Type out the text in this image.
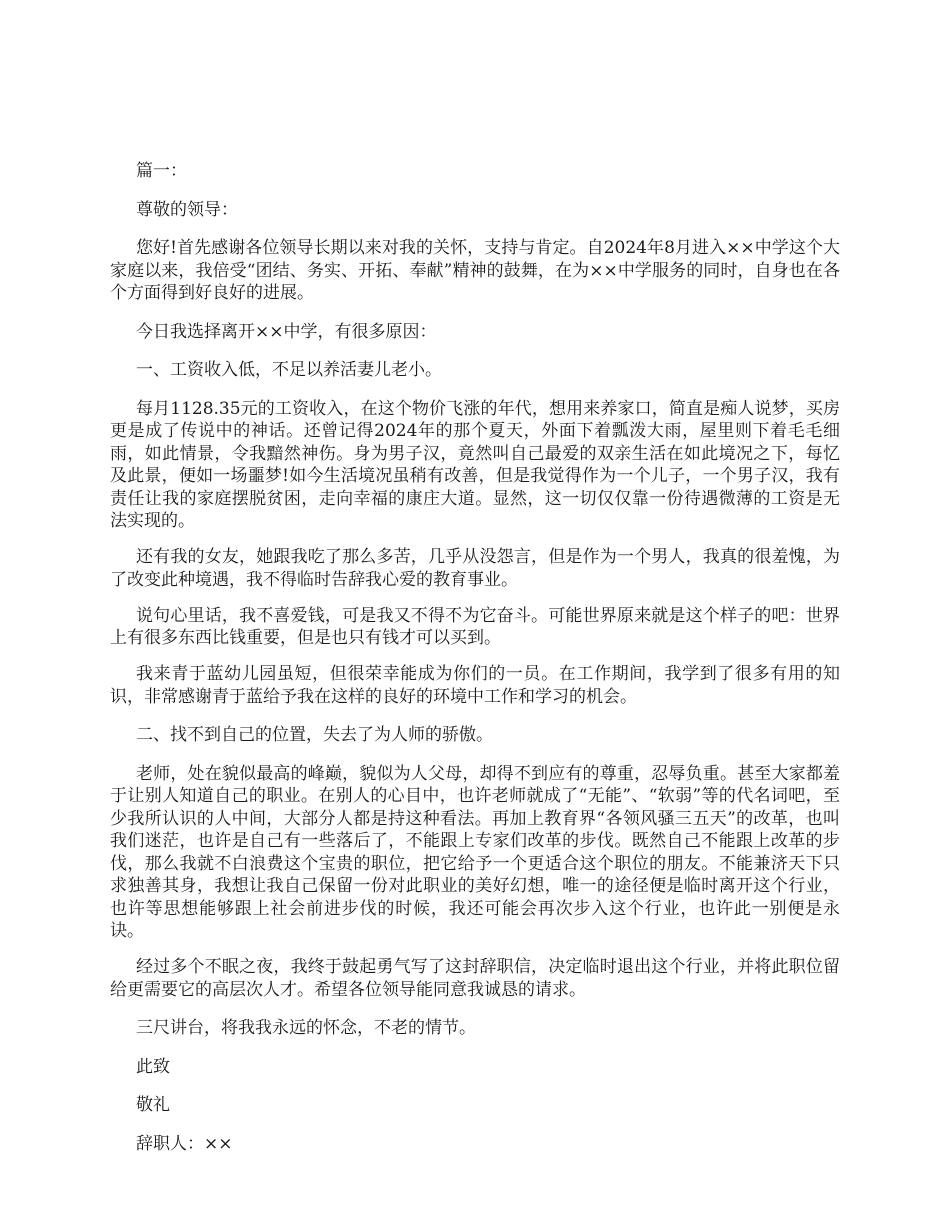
篇一：

尊敬的领导：

您好!首先感谢各位领导长期以来对我的关怀，支持与肯定。自2024年8月进入××中学这个大家庭以来，我倍受“团结、务实、开拓、奉献”精神的鼓舞，在为××中学服务的同时，自身也在各个方面得到好良好的进展。

今日我选择离开××中学，有很多原因：

一、工资收入低，不足以养活妻儿老小。

每月1128.35元的工资收入，在这个物价飞涨的年代，想用来养家口，简直是痴人说梦，买房更是成了传说中的神话。还曾记得2024年的那个夏天，外面下着瓢泼大雨，屋里则下着毛毛细雨，如此情景，令我黯然神伤。身为男子汉，竟然叫自己最爱的双亲生活在如此境况之下，每忆及此景，便如一场噩梦!如今生活境况虽稍有改善，但是我觉得作为一个儿子，一个男子汉，我有责任让我的家庭摆脱贫困，走向幸福的康庄大道。显然，这一切仅仅靠一份待遇微薄的工资是无法实现的。

还有我的女友，她跟我吃了那么多苦，几乎从没怨言，但是作为一个男人，我真的很羞愧，为了改变此种境遇，我不得临时告辞我心爱的教育事业。

说句心里话，我不喜爱钱，可是我又不得不为它奋斗。可能世界原来就是这个样子的吧：世界上有很多东西比钱重要，但是也只有钱才可以买到。

我来青于蓝幼儿园虽短，但很荣幸能成为你们的一员。在工作期间，我学到了很多有用的知识，非常感谢青于蓝给予我在这样的良好的环境中工作和学习的机会。

二、找不到自己的位置，失去了为人师的骄傲。

老师，处在貌似最高的峰巅，貌似为人父母，却得不到应有的尊重，忍辱负重。甚至大家都羞于让别人知道自己的职业。在别人的心目中，也许老师就成了“无能”、“软弱”等的代名词吧，至少我所认识的人中间，大部分人都是持这种看法。再加上教育界“各领风骚三五天”的改革，也叫我们迷茫，也许是自己有一些落后了，不能跟上专家们改革的步伐。既然自己不能跟上改革的步伐，那么我就不白浪费这个宝贵的职位，把它给予一个更适合这个职位的朋友。不能兼济天下只求独善其身，我想让我自己保留一份对此职业的美好幻想，唯一的途径便是临时离开这个行业，也许等思想能够跟上社会前进步伐的时候，我还可能会再次步入这个行业，也许此一别便是永诀。

经过多个不眠之夜，我终于鼓起勇气写了这封辞职信，决定临时退出这个行业，并将此职位留给更需要它的高层次人才。希望各位领导能同意我诚恳的请求。

三尺讲台，将我我永远的怀念，不老的情节。

此致

敬礼

辞职人：××
